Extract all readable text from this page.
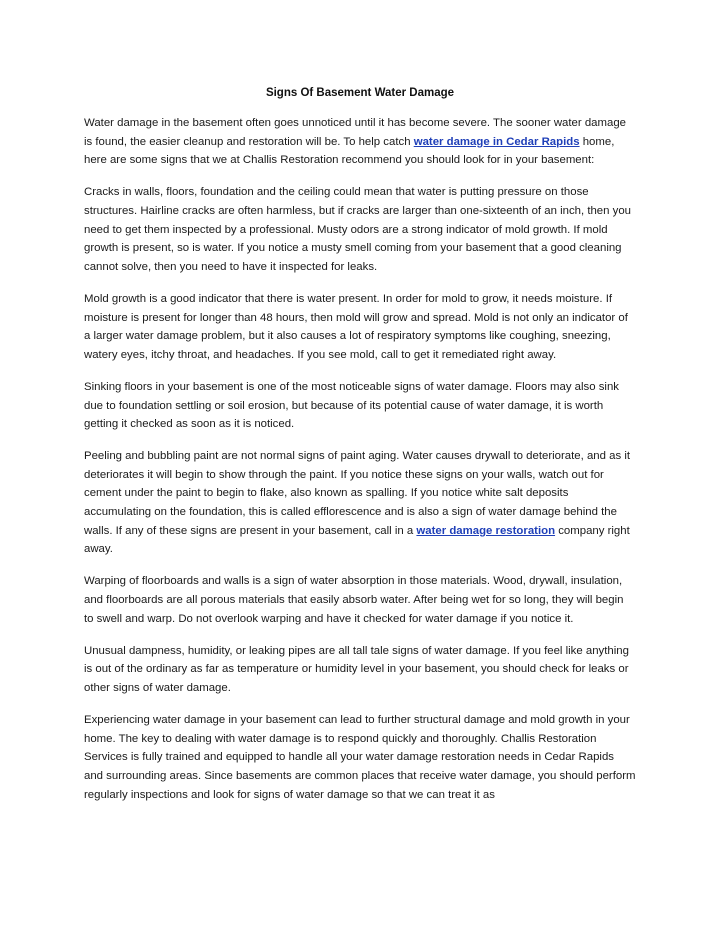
Signs Of Basement Water Damage

Water damage in the basement often goes unnoticed until it has become severe. The sooner water damage is found, the easier cleanup and restoration will be. To help catch water damage in Cedar Rapids home, here are some signs that we at Challis Restoration recommend you should look for in your basement:

Cracks in walls, floors, foundation and the ceiling could mean that water is putting pressure on those structures. Hairline cracks are often harmless, but if cracks are larger than one-sixteenth of an inch, then you need to get them inspected by a professional. Musty odors are a strong indicator of mold growth. If mold growth is present, so is water. If you notice a musty smell coming from your basement that a good cleaning cannot solve, then you need to have it inspected for leaks.

Mold growth is a good indicator that there is water present. In order for mold to grow, it needs moisture. If moisture is present for longer than 48 hours, then mold will grow and spread. Mold is not only an indicator of a larger water damage problem, but it also causes a lot of respiratory symptoms like coughing, sneezing, watery eyes, itchy throat, and headaches. If you see mold, call to get it remediated right away.

Sinking floors in your basement is one of the most noticeable signs of water damage. Floors may also sink due to foundation settling or soil erosion, but because of its potential cause of water damage, it is worth getting it checked as soon as it is noticed.

Peeling and bubbling paint are not normal signs of paint aging. Water causes drywall to deteriorate, and as it deteriorates it will begin to show through the paint. If you notice these signs on your walls, watch out for cement under the paint to begin to flake, also known as spalling. If you notice white salt deposits accumulating on the foundation, this is called efflorescence and is also a sign of water damage behind the walls. If any of these signs are present in your basement, call in a water damage restoration company right away.

Warping of floorboards and walls is a sign of water absorption in those materials. Wood, drywall, insulation, and floorboards are all porous materials that easily absorb water. After being wet for so long, they will begin to swell and warp. Do not overlook warping and have it checked for water damage if you notice it.

Unusual dampness, humidity, or leaking pipes are all tall tale signs of water damage. If you feel like anything is out of the ordinary as far as temperature or humidity level in your basement, you should check for leaks or other signs of water damage.

Experiencing water damage in your basement can lead to further structural damage and mold growth in your home. The key to dealing with water damage is to respond quickly and thoroughly. Challis Restoration Services is fully trained and equipped to handle all your water damage restoration needs in Cedar Rapids and surrounding areas. Since basements are common places that receive water damage, you should perform regularly inspections and look for signs of water damage so that we can treat it as
